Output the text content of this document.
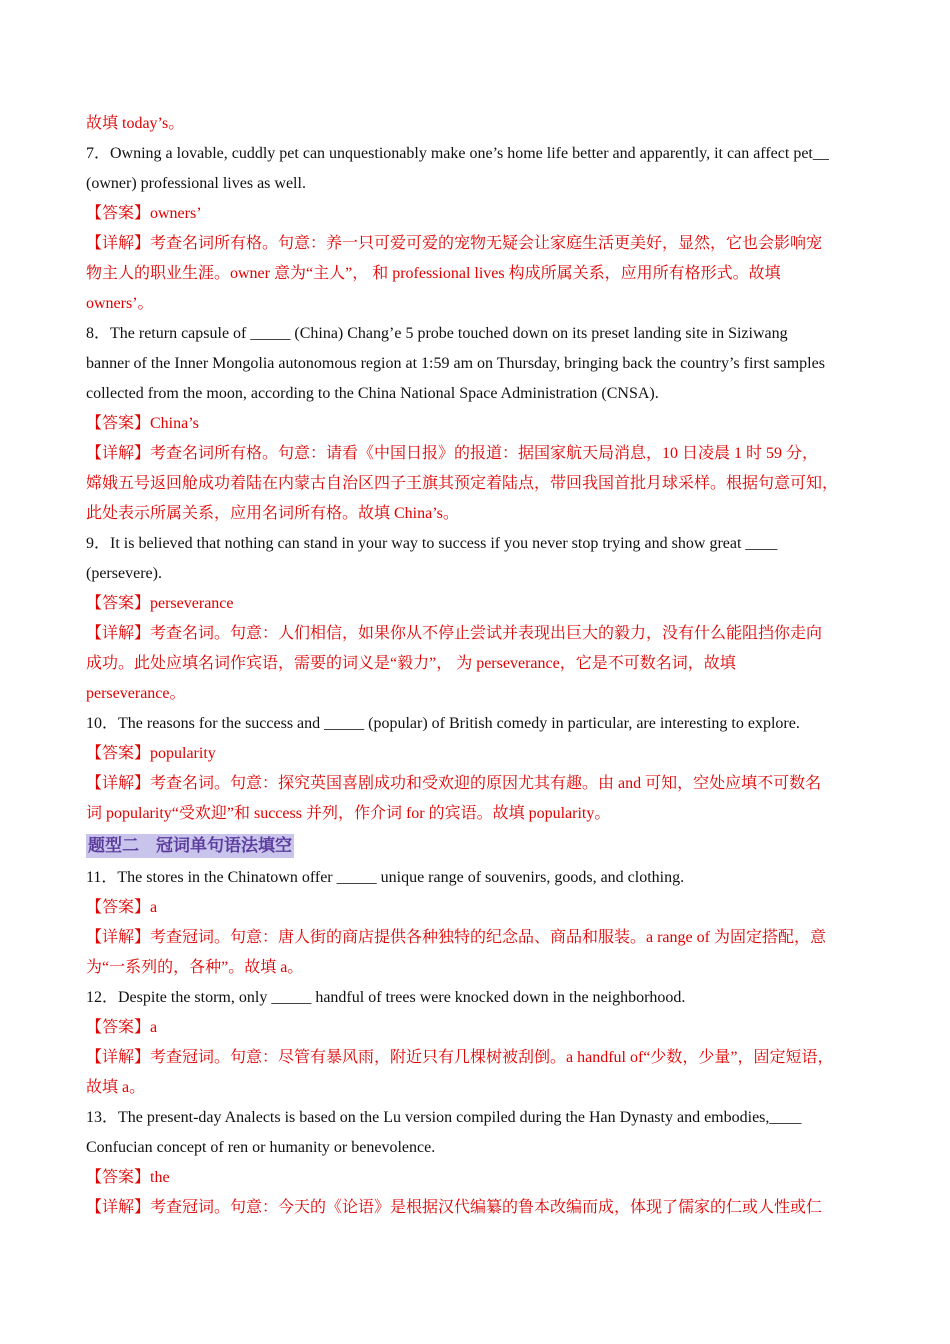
故填 today’s。
7．Owning a lovable, cuddly pet can unquestionably make one’s home life better and apparently, it can affect pet__
(owner) professional lives as well.
【答案】owners’
【详解】考查名词所有格。句意：养一只可爱可爱的宠物无疑会让家庭生活更美好，显然，它也会影响宠
物主人的职业生涯。owner 意为“主人”， 和 professional lives 构成所属关系，应用所有格形式。故填
owners’。
8．The return capsule of _____ (China) Chang’e 5 probe touched down on its preset landing site in Siziwang
banner of the Inner Mongolia autonomous region at 1:59 am on Thursday, bringing back the country’s first samples
collected from the moon, according to the China National Space Administration (CNSA).
【答案】China’s
【详解】考查名词所有格。句意：请看《中国日报》的报道：据国家航天局消息，10 日凌晨 1 时 59 分，
嫦娥五号返回舱成功着陆在内蒙古自治区四子王旗其预定着陆点，带回我国首批月球采样。根据句意可知，
此处表示所属关系，应用名词所有格。故填 China’s。
9．It is believed that nothing can stand in your way to success if you never stop trying and show great ____
(persevere).
【答案】perseverance
【详解】考查名词。句意：人们相信，如果你从不停止尝试并表现出巨大的毅力，没有什么能阻挡你走向
成功。此处应填名词作宾语，需要的词义是“毅力”， 为 perseverance，它是不可数名词，故填
perseverance。
10．The reasons for the success and _____ (popular) of British comedy in particular, are interesting to explore.
【答案】popularity
【详解】考查名词。句意：探究英国喜剧成功和受欢迎的原因尤其有趣。由 and 可知，空处应填不可数名
词 popularity“受欢迎”和 success 并列，作介词 for 的宾语。故填 popularity。
题型二　冠词单句语法填空
11．The stores in the Chinatown offer _____ unique range of souvenirs, goods, and clothing.
【答案】a
【详解】考查冠词。句意：唐人街的商店提供各种独特的纪念品、商品和服装。a range of 为固定搭配，意
为“一系列的，各种”。故填 a。
12．Despite the storm, only _____ handful of trees were knocked down in the neighborhood.
【答案】a
【详解】考查冠词。句意：尽管有暴风雨，附近只有几棵树被刮倒。a handful of“少数，少量”，固定短语，
故填 a。
13．The present-day Analects is based on the Lu version compiled during the Han Dynasty and embodies,____
Confucian concept of ren or humanity or benevolence.
【答案】the
【详解】考查冠词。句意：今天的《论语》是根据汉代编纂的鲁本改编而成，体现了儒家的仁或人性或仁
